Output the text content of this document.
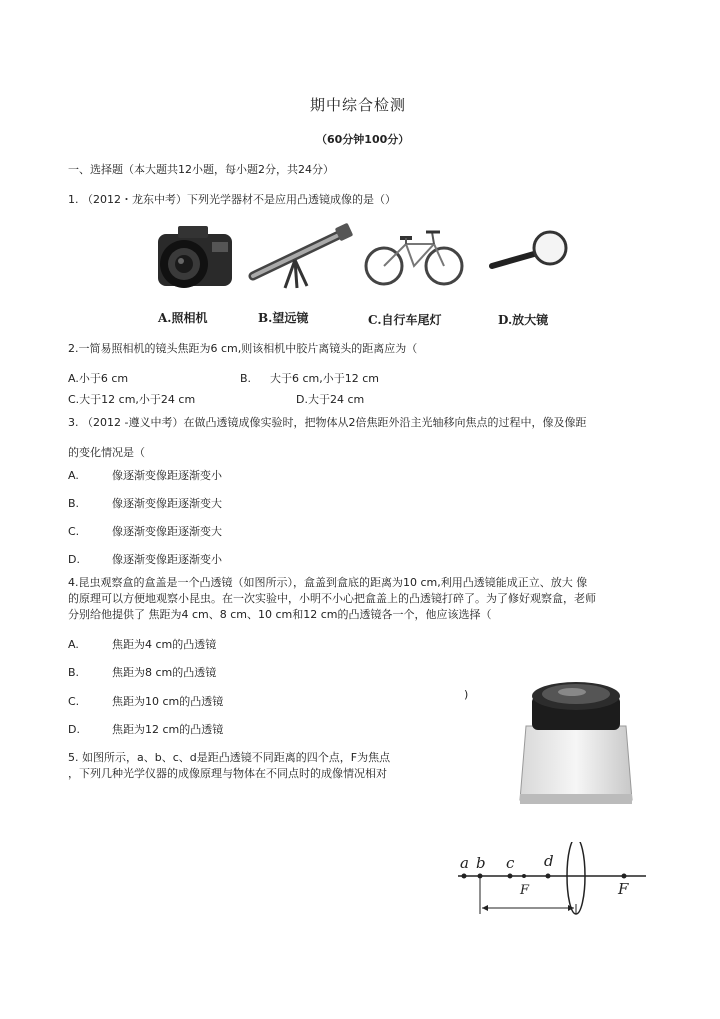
期中综合检测
（60分钟100分）
一、选择题（本大题共12小题，每小题2分，共24分）
1. （2012・龙东中考）下列光学器材不是应用凸透镜成像的是（）
A.照相机	B.望远镜	C.自行车尾灯	D.放大镜
2.一简易照相机的镜头焦距为6 cm,则该相机中胶片离镜头的距离应为（
A.小于6 cm	B. 大于6 cm,小于12 cm
C.大于12 cm,小于24 cm	D.大于24 cm
3. （2012 -遵义中考）在做凸透镜成像实验时，把物体从2倍焦距外沿主光轴移向焦点的过程中，像及像距
的变化情况是（
A.	像逐渐变像距逐渐变小
B.	像逐渐变像距逐渐变大
C.	像逐渐变像距逐渐变大
D.	像逐渐变像距逐渐变小
4.昆虫观察盒的盒盖是一个凸透镜（如图所示），盒盖到盒底的距离为10 cm,利用凸透镜能成正立、放大 像
的原理可以方便地观察小昆虫。在一次实验中，小明不小心把盒盖上的凸透镜打碎了。为了修好观察盒，老师
分别给他提供了 焦距为4 cm、8 cm、10 cm和12 cm的凸透镜各一个，他应该选择（
A.	焦距为4 cm的凸透镜
B.	焦距为8 cm的凸透镜
C.	焦距为10 cm的凸透镜
D.	焦距为12 cm的凸透镜
)
5. 如图所示，a、b、c、d是距凸透镜不同距离的四个点，F为焦点
，下列几种光学仪器的成像原理与物体在不同点时的成像情况相对
a b c d
F
F
